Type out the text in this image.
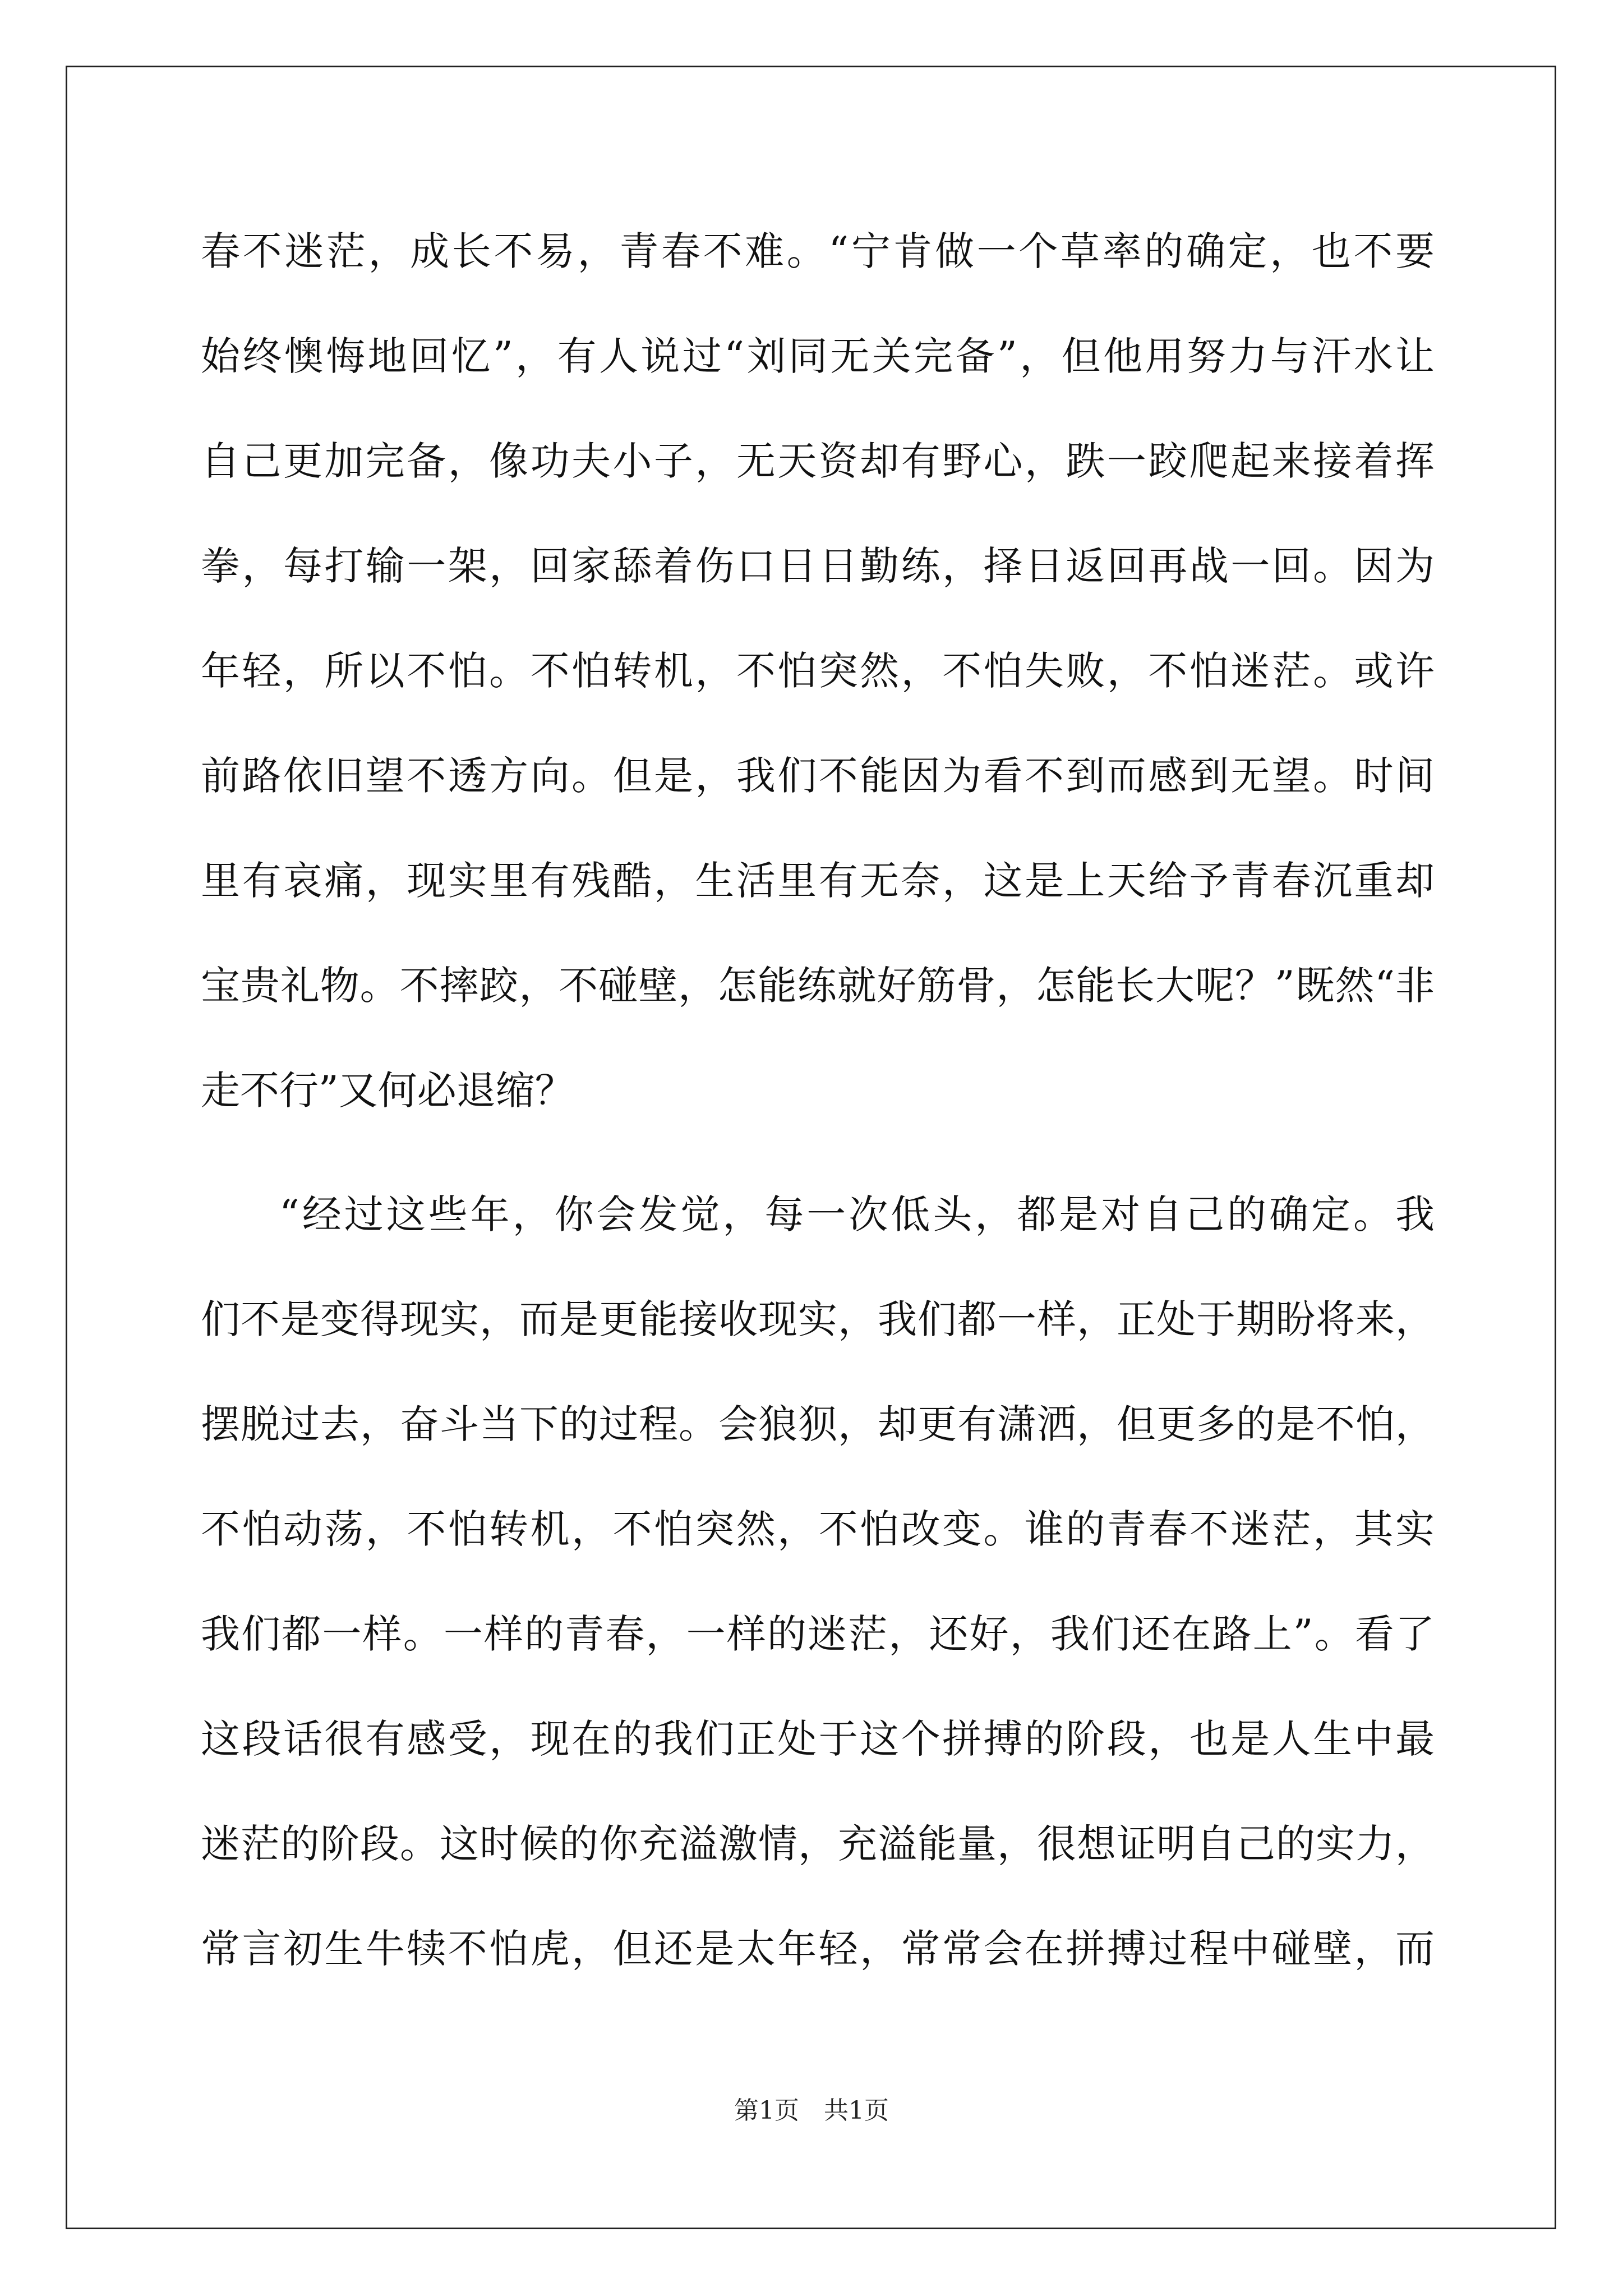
春不迷茫，成长不易，青春不难。“宁肯做一个草率的确定，也不要
始终懊悔地回忆”，有人说过“刘同无关完备”，但他用努力与汗水让
自己更加完备，像功夫小子，无天资却有野心，跌一跤爬起来接着挥
拳，每打输一架，回家舔着伤口日日勤练，择日返回再战一回。因为
年轻，所以不怕。不怕转机，不怕突然，不怕失败，不怕迷茫。或许
前路依旧望不透方向。但是，我们不能因为看不到而感到无望。时间
里有哀痛，现实里有残酷，生活里有无奈，这是上天给予青春沉重却
宝贵礼物。不摔跤，不碰壁，怎能练就好筋骨，怎能长大呢？”既然“非
走不行”又何必退缩？
“经过这些年，你会发觉，每一次低头，都是对自己的确定。我
们不是变得现实，而是更能接收现实，我们都一样，正处于期盼将来，
摆脱过去，奋斗当下的过程。会狼狈，却更有潇洒，但更多的是不怕，
不怕动荡，不怕转机，不怕突然，不怕改变。谁的青春不迷茫，其实
我们都一样。一样的青春，一样的迷茫，还好，我们还在路上”。看了
这段话很有感受，现在的我们正处于这个拼搏的阶段，也是人生中最
迷茫的阶段。这时候的你充溢激情，充溢能量，很想证明自己的实力，
常言初生牛犊不怕虎，但还是太年轻，常常会在拼搏过程中碰壁，而
第1页　共1页
